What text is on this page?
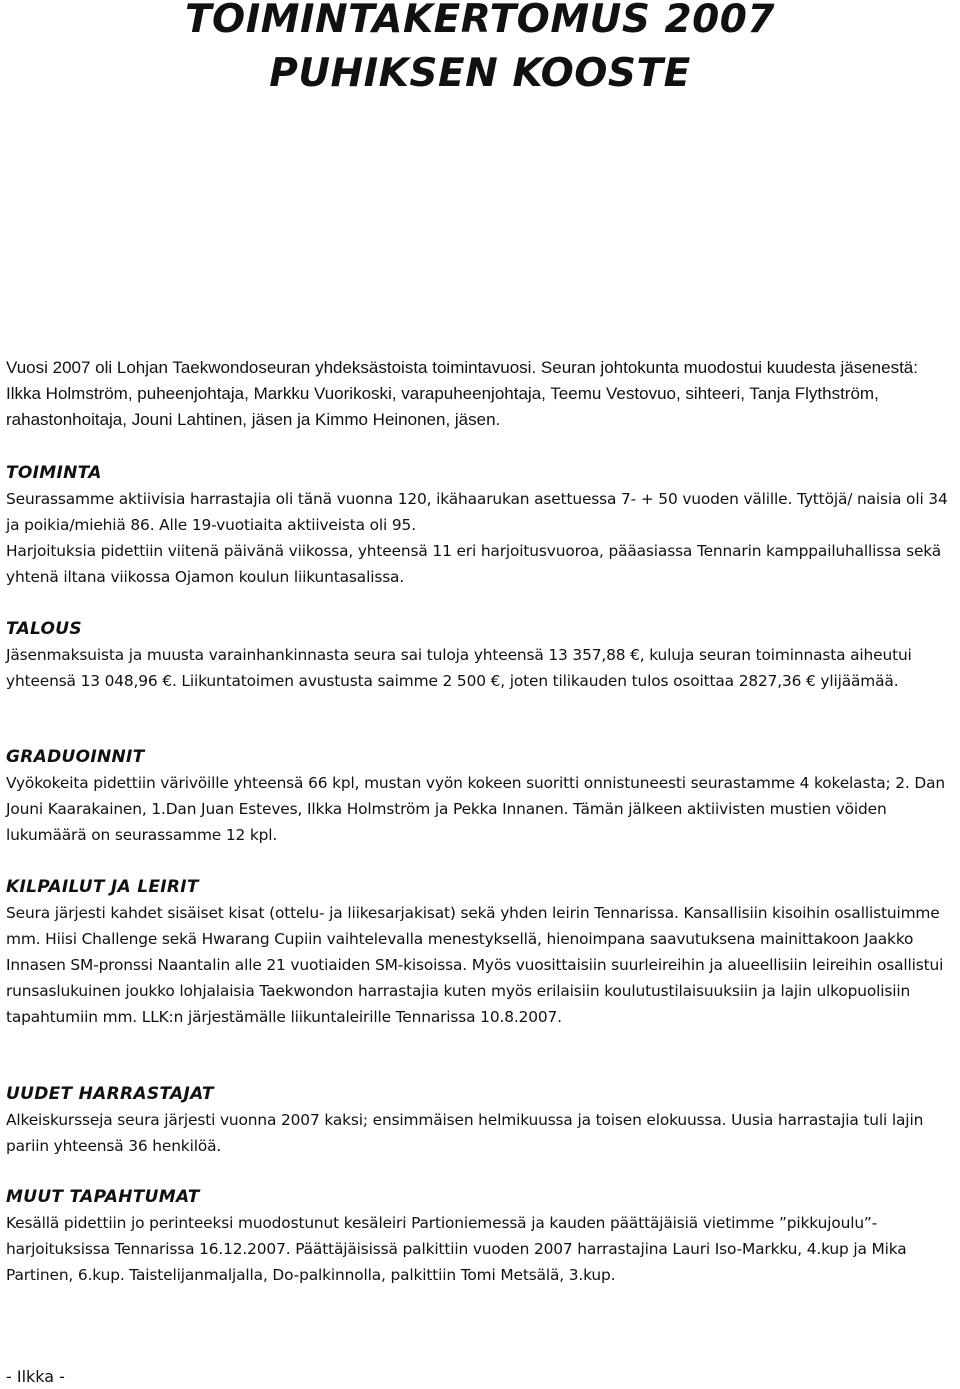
TOIMINTAKERTOMUS 2007
PUHIKSEN KOOSTE

Vuosi 2007 oli Lohjan Taekwondoseuran yhdeksästoista toimintavuosi. Seuran johtokunta muodostui kuudesta jäsenestä: Ilkka Holmström, puheenjohtaja, Markku Vuorikoski, varapuheenjohtaja, Teemu Vestovuo, sihteeri, Tanja Flythström, rahastonhoitaja, Jouni Lahtinen, jäsen ja Kimmo Heinonen, jäsen.

TOIMINTA

Seurassamme aktiivisia harrastajia oli tänä vuonna 120, ikähaarukan asettuessa 7- + 50 vuoden välille. Tyttöjä/ naisia oli 34 ja poikia/miehiä 86. Alle 19-vuotiaita aktiiveista oli 95.

Harjoituksia pidettiin viitenä päivänä viikossa, yhteensä 11 eri harjoitusvuoroa, pääasiassa Tennarin kamppailuhallissa sekä yhtenä iltana viikossa Ojamon koulun liikuntasalissa.

TALOUS

Jäsenmaksuista ja muusta varainhankinnasta seura sai tuloja yhteensä 13 357,88 €, kuluja seuran toiminnasta aiheutui yhteensä 13 048,96 €. Liikuntatoimen avustusta saimme 2 500 €, joten tilikauden tulos osoittaa 2827,36 € ylijäämää.

GRADUOINNIT

Vyökokeita pidettiin värivöille yhteensä 66 kpl, mustan vyön kokeen suoritti onnistuneesti seurastamme 4 kokelasta; 2. Dan Jouni Kaarakainen, 1.Dan Juan Esteves, Ilkka Holmström ja Pekka Innanen. Tämän jälkeen aktiivisten mustien vöiden lukumäärä on seurassamme 12 kpl.

KILPAILUT JA LEIRIT

Seura järjesti kahdet sisäiset kisat (ottelu- ja liikesarjakisat) sekä yhden leirin Tennarissa. Kansallisiin kisoihin osallistuimme mm. Hiisi Challenge sekä Hwarang Cupiin vaihtelevalla menestyksellä, hienoimpana saavutuksena mainittakoon Jaakko Innasen SM-pronssi Naantalin alle 21 vuotiaiden SM-kisoissa. Myös vuosittaisiin suurleireihin ja alueellisiin leireihin osallistui runsaslukuinen joukko lohjalaisia Taekwondon harrastajia kuten myös erilaisiin koulutustilaisuuksiin ja lajin ulkopuolisiin tapahtumiin mm. LLK:n järjestämälle liikuntaleirille Tennarissa 10.8.2007.

UUDET HARRASTAJAT

Alkeiskursseja seura järjesti vuonna 2007 kaksi; ensimmäisen helmikuussa ja toisen elokuussa. Uusia harrastajia tuli lajin pariin yhteensä 36 henkilöä.

MUUT TAPAHTUMAT

Kesällä pidettiin jo perinteeksi muodostunut kesäleiri Partioniemessä ja kauden päättäjäisiä vietimme ”pikkujoulu”-harjoituksissa Tennarissa 16.12.2007. Päättäjäisissä palkittiin vuoden 2007 harrastajina Lauri Iso-Markku, 4.kup ja Mika Partinen, 6.kup. Taistelijanmaljalla, Do-palkinnolla, palkittiin Tomi Metsälä, 3.kup.

- Ilkka -
